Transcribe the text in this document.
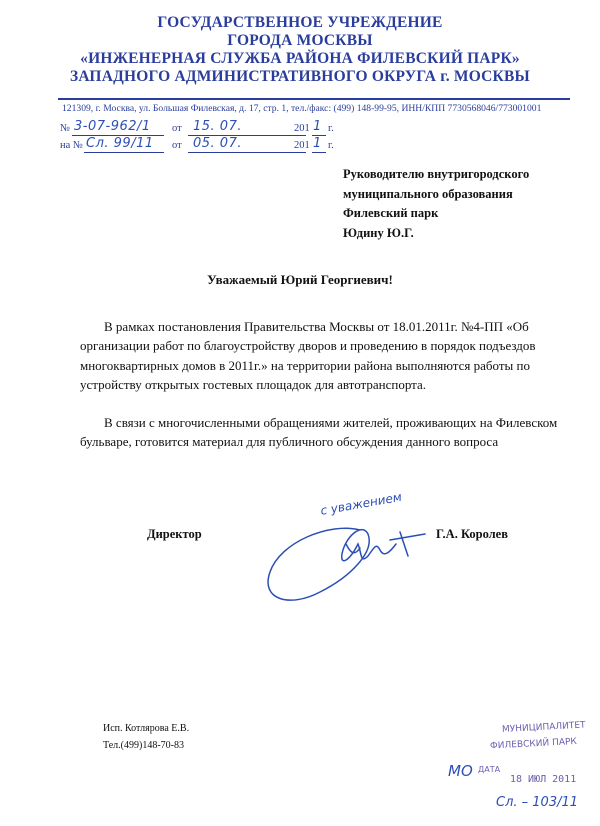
ГОСУДАРСТВЕННОЕ УЧРЕЖДЕНИЕ
ГОРОДА МОСКВЫ
«ИНЖЕНЕРНАЯ СЛУЖБА РАЙОНА ФИЛЕВСКИЙ ПАРК»
ЗАПАДНОГО АДМИНИСТРАТИВНОГО ОКРУГА г. МОСКВЫ
121309, г. Москва, ул. Большая Филевская, д. 17, стр. 1, тел./факс: (499) 148-99-95, ИНН/КПП 7730568046/773001001
№ 3-07-962/1 от 15. 07.	201 1 г.
на № Сл. 99/11 от 05. 07.	201 1 г.
Руководителю внутригородского
муниципального образования
Филевский парк
Юдину Ю.Г.
Уважаемый Юрий Георгиевич!
В рамках постановления Правительства Москвы от 18.01.2011г. №4-ПП «Об организации работ по благоустройству дворов и проведению в порядок подъездов многоквартирных домов в 2011г.» на территории района выполняются работы по устройству открытых гостевых площадок для автотранспорта.
В связи с многочисленными обращениями жителей, проживающих на Филевском бульваре, готовится материал для публичного обсуждения данного вопроса
Директор	Г.А. Королев
с уважением
Исп. Котлярова Е.В.
Тел.(499)148-70-83
МУНИЦИПАЛИТЕТ
ФИЛЕВСКИЙ ПАРК
МО ДАТА
18 ИЮЛ 2011
Сл. – 103/11
